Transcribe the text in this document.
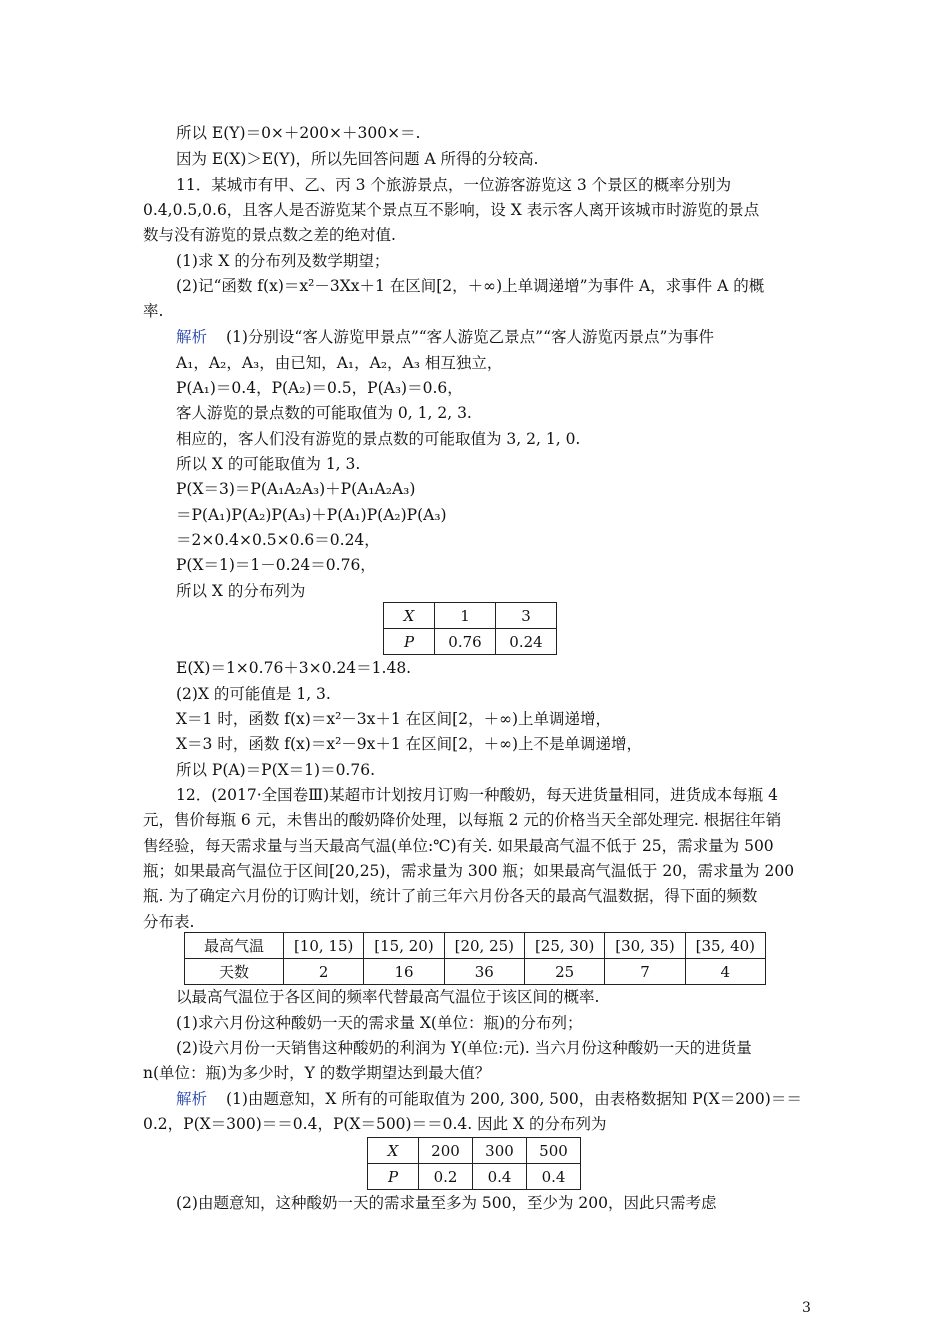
所以 E(Y)＝0×＋200×＋300×＝.
因为 E(X)＞E(Y)，所以先回答问题 A 所得的分较高.
11．某城市有甲、乙、丙 3 个旅游景点，一位游客游览这 3 个景区的概率分别为
0.4,0.5,0.6，且客人是否游览某个景点互不影响，设 X 表示客人离开该城市时游览的景点
数与没有游览的景点数之差的绝对值.
(1)求 X 的分布列及数学期望；
(2)记“函数 f(x)＝x²－3Xx＋1 在区间[2，＋∞)上单调递增”为事件 A，求事件 A 的概
率.
解析 (1)分别设“客人游览甲景点”“客人游览乙景点”“客人游览丙景点”为事件
A₁，A₂，A₃，由已知，A₁，A₂，A₃ 相互独立，
P(A₁)＝0.4，P(A₂)＝0.5，P(A₃)＝0.6，
客人游览的景点数的可能取值为 0, 1, 2, 3.
相应的，客人们没有游览的景点数的可能取值为 3, 2, 1, 0.
所以 X 的可能取值为 1, 3.
P(X＝3)＝P(A₁A₂A₃)＋P(A₁A₂A₃)
＝P(A₁)P(A₂)P(A₃)＋P(A₁)P(A₂)P(A₃)
＝2×0.4×0.5×0.6＝0.24，
P(X＝1)＝1－0.24＝0.76，
所以 X 的分布列为
X	1	3
P	0.76	0.24
E(X)＝1×0.76＋3×0.24＝1.48.
(2)X 的可能值是 1, 3.
X＝1 时，函数 f(x)＝x²－3x＋1 在区间[2，＋∞)上单调递增，
X＝3 时，函数 f(x)＝x²－9x＋1 在区间[2，＋∞)上不是单调递增，
所以 P(A)＝P(X＝1)＝0.76.
12．(2017·全国卷Ⅲ)某超市计划按月订购一种酸奶，每天进货量相同，进货成本每瓶 4
元，售价每瓶 6 元，未售出的酸奶降价处理，以每瓶 2 元的价格当天全部处理完. 根据往年销
售经验，每天需求量与当天最高气温(单位:℃)有关. 如果最高气温不低于 25，需求量为 500
瓶；如果最高气温位于区间[20,25)，需求量为 300 瓶；如果最高气温低于 20，需求量为 200
瓶. 为了确定六月份的订购计划，统计了前三年六月份各天的最高气温数据，得下面的频数
分布表.
最高气温	[10, 15)	[15, 20)	[20, 25)	[25, 30)	[30, 35)	[35, 40)
天数	2	16	36	25	7	4
以最高气温位于各区间的频率代替最高气温位于该区间的概率.
(1)求六月份这种酸奶一天的需求量 X(单位：瓶)的分布列；
(2)设六月份一天销售这种酸奶的利润为 Y(单位:元). 当六月份这种酸奶一天的进货量
n(单位：瓶)为多少时，Y 的数学期望达到最大值？
解析 (1)由题意知，X 所有的可能取值为 200, 300, 500，由表格数据知 P(X＝200)＝＝
0.2，P(X＝300)＝＝0.4，P(X＝500)＝＝0.4. 因此 X 的分布列为
X	200	300	500
P	0.2	0.4	0.4
(2)由题意知，这种酸奶一天的需求量至多为 500，至少为 200，因此只需考虑
3
